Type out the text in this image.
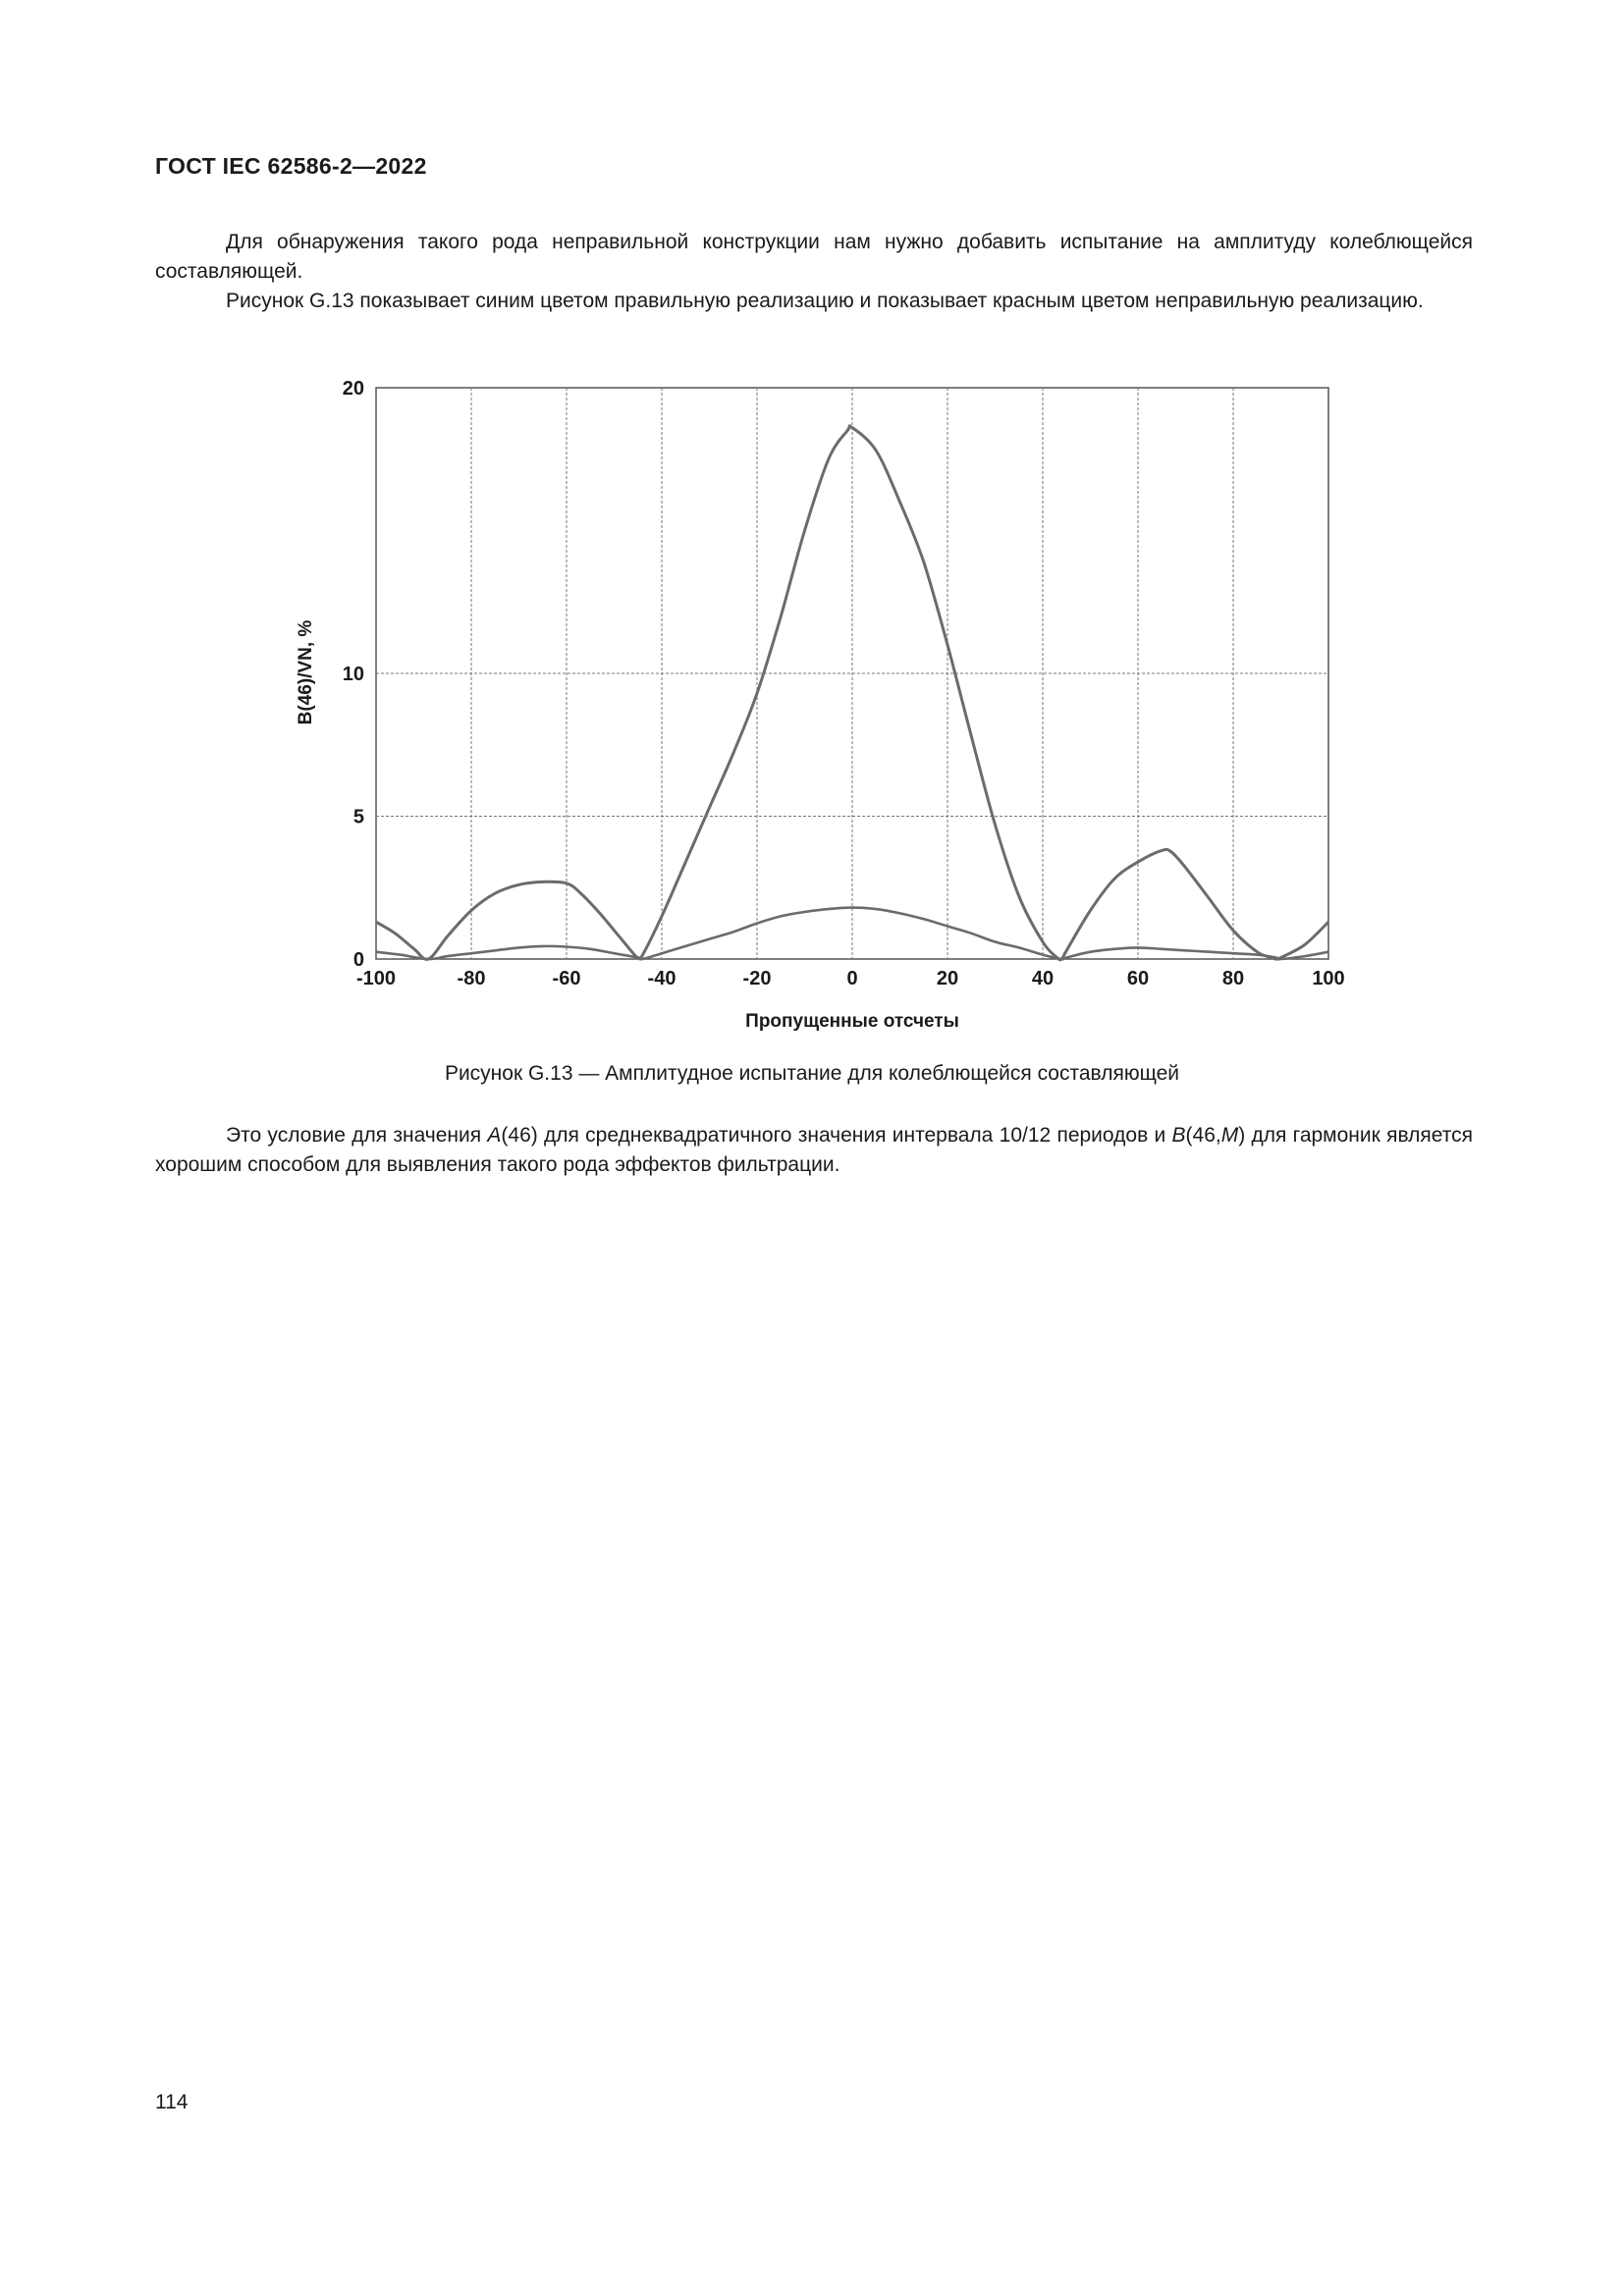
ГОСТ IEC 62586-2—2022
Для обнаружения такого рода неправильной конструкции нам нужно добавить испытание на амплитуду колеблющейся составляющей.
Рисунок G.13 показывает синим цветом правильную реализацию и показывает красным цветом неправильную реализацию.
-100	-80	-60	-40	-20	0	20	40	60	80	100
0
5
10
20
B(46)/VN, %
Пропущенные отсчеты
Рисунок G.13 — Амплитудное испытание для колеблющейся составляющей
Это условие для значения A(46) для среднеквадратичного значения интервала 10/12 периодов и B(46,M) для гармоник является хорошим способом для выявления такого рода эффектов фильтрации.
114
